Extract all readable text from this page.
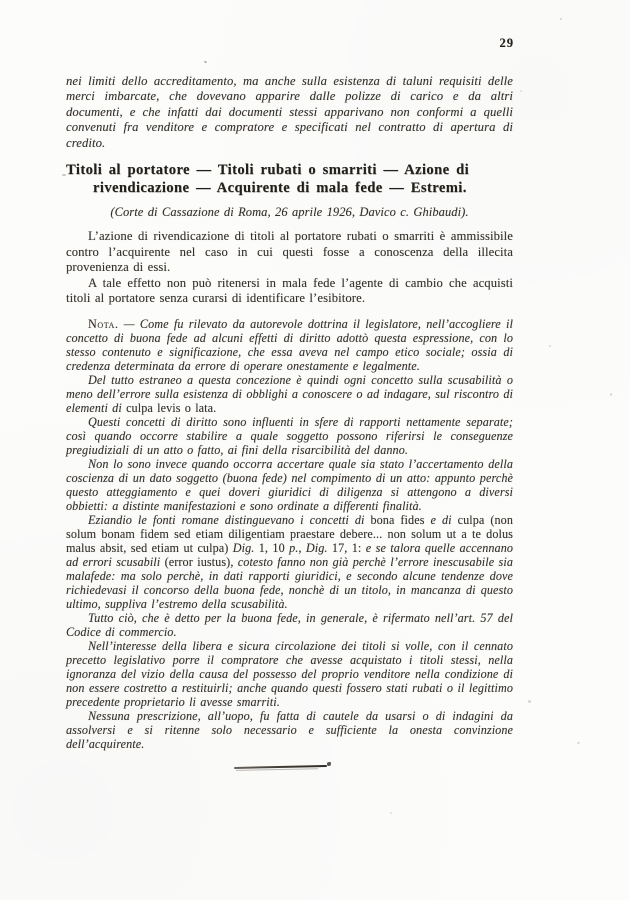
29

nei limiti dello accreditamento, ma anche sulla esistenza di taluni requisiti delle merci imbarcate, che dovevano apparire dalle polizze di carico e da altri documenti, e che infatti dai documenti stessi apparivano non conformi a quelli convenuti fra venditore e compratore e specificati nel contratto di apertura di credito.

Titoli al portatore — Titoli rubati o smarriti — Azione di rivendicazione — Acquirente di mala fede — Estremi.

(Corte di Cassazione di Roma, 26 aprile 1926, Davico c. Ghibaudi).

L’azione di rivendicazione di titoli al portatore rubati o smarriti è ammissibile contro l’acquirente nel caso in cui questi fosse a conoscenza della illecita provenienza di essi.

A tale effetto non può ritenersi in mala fede l’agente di cambio che acquisti titoli al portatore senza curarsi di identificare l’esibitore.

Nota. — Come fu rilevato da autorevole dottrina il legislatore, nell’accogliere il concetto di buona fede ad alcuni effetti di diritto adottò questa espressione, con lo stesso contenuto e significazione, che essa aveva nel campo etico sociale; ossia di credenza determinata da errore di operare onestamente e legalmente.

Del tutto estraneo a questa concezione è quindi ogni concetto sulla scusabilità o meno dell’errore sulla esistenza di obblighi a conoscere o ad indagare, sul riscontro di elementi di culpa levis o lata.

Questi concetti di diritto sono influenti in sfere di rapporti nettamente separate; così quando occorre stabilire a quale soggetto possono riferirsi le conseguenze pregiudiziali di un atto o fatto, ai fini della risarcibilità del danno.

Non lo sono invece quando occorra accertare quale sia stato l’accertamento della coscienza di un dato soggetto (buona fede) nel compimento di un atto: appunto perchè questo atteggiamento e quei doveri giuridici di diligenza si attengono a diversi obbietti: a distinte manifestazioni e sono ordinate a differenti finalità.

Eziandio le fonti romane distinguevano i concetti di bona fides e di culpa (non solum bonam fidem sed etiam diligentiam praestare debere... non solum ut a te dolus malus absit, sed etiam ut culpa) Dig. 1, 10 p., Dig. 17, 1: e se talora quelle accennano ad errori scusabili (error iustus), cotesto fanno non già perchè l’errore inescusabile sia malafede: ma solo perchè, in dati rapporti giuridici, e secondo alcune tendenze dove richiedevasi il concorso della buona fede, nonchè di un titolo, in mancanza di questo ultimo, suppliva l’estremo della scusabilità.

Tutto ciò, che è detto per la buona fede, in generale, è rifermato nell’art. 57 del Codice di commercio.

Nell’interesse della libera e sicura circolazione dei titoli si volle, con il cennato precetto legislativo porre il compratore che avesse acquistato i titoli stessi, nella ignoranza del vizio della causa del possesso del proprio venditore nella condizione di non essere costretto a restituirli; anche quando questi fossero stati rubati o il legittimo precedente proprietario li avesse smarriti.

Nessuna prescrizione, all’uopo, fu fatta di cautele da usarsi o di indagini da assolversi e si ritenne solo necessario e sufficiente la onesta convinzione dell’acquirente.
